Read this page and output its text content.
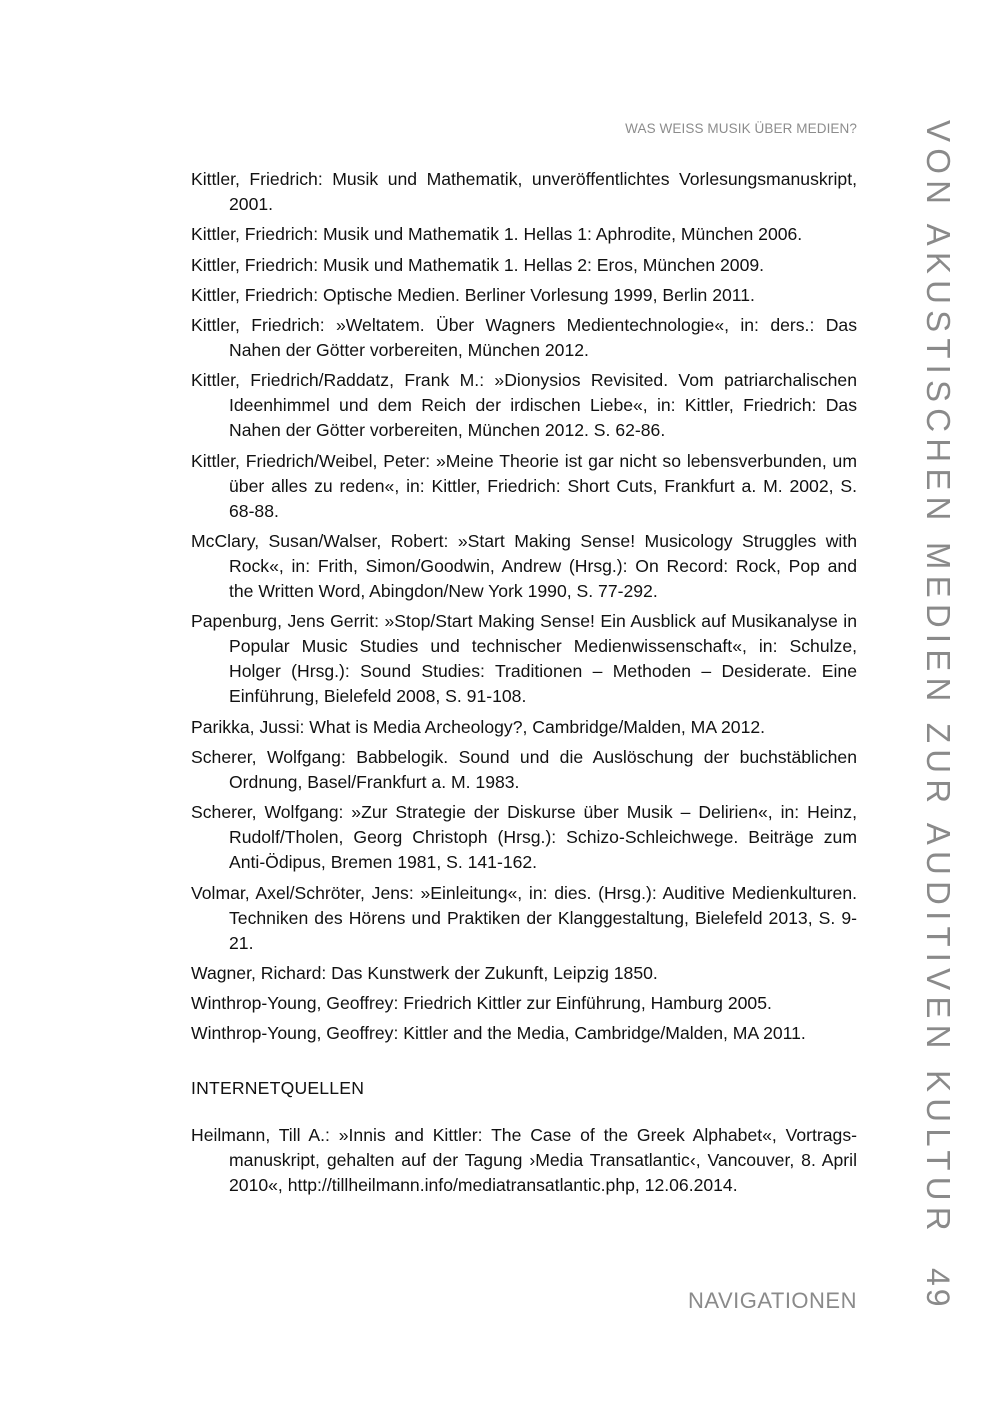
WAS WEISS MUSIK ÜBER MEDIEN?

Kittler, Friedrich: Musik und Mathematik, unveröffentlichtes Vorlesungsmanuskript, 2001.

Kittler, Friedrich: Musik und Mathematik 1. Hellas 1: Aphrodite, München 2006.

Kittler, Friedrich: Musik und Mathematik 1. Hellas 2: Eros, München 2009.

Kittler, Friedrich: Optische Medien. Berliner Vorlesung 1999, Berlin 2011.

Kittler, Friedrich: »Weltatem. Über Wagners Medientechnologie«, in: ders.: Das Nahen der Götter vorbereiten, München 2012.

Kittler, Friedrich/Raddatz, Frank M.: »Dionysios Revisited. Vom patriarchalischen Ideenhimmel und dem Reich der irdischen Liebe«, in: Kittler, Friedrich: Das Nahen der Götter vorbereiten, München 2012. S. 62-86.

Kittler, Friedrich/Weibel, Peter: »Meine Theorie ist gar nicht so lebensverbunden, um über alles zu reden«, in: Kittler, Friedrich: Short Cuts, Frankfurt a. M. 2002, S. 68-88.

McClary, Susan/Walser, Robert: »Start Making Sense! Musicology Struggles with Rock«, in: Frith, Simon/Goodwin, Andrew (Hrsg.): On Record: Rock, Pop and the Written Word, Abingdon/New York 1990, S. 77-292.

Papenburg, Jens Gerrit: »Stop/Start Making Sense! Ein Ausblick auf Musikanalyse in Popular Music Studies und technischer Medienwissenschaft«, in: Schulze, Holger (Hrsg.): Sound Studies: Traditionen – Methoden – Desiderate. Eine Einführung, Bielefeld 2008, S. 91-108.

Parikka, Jussi: What is Media Archeology?, Cambridge/Malden, MA 2012.

Scherer, Wolfgang: Babbelogik. Sound und die Auslöschung der buchstäblichen Ordnung, Basel/Frankfurt a. M. 1983.

Scherer, Wolfgang: »Zur Strategie der Diskurse über Musik – Delirien«, in: Heinz, Rudolf/Tholen, Georg Christoph (Hrsg.): Schizo-Schleichwege. Beiträge zum Anti-Ödipus, Bremen 1981, S. 141-162.

Volmar, Axel/Schröter, Jens: »Einleitung«, in: dies. (Hrsg.): Auditive Medienkulturen. Techniken des Hörens und Praktiken der Klanggestaltung, Bielefeld 2013, S. 9-21.

Wagner, Richard: Das Kunstwerk der Zukunft, Leipzig 1850.

Winthrop-Young, Geoffrey: Friedrich Kittler zur Einführung, Hamburg 2005.

Winthrop-Young, Geoffrey: Kittler and the Media, Cambridge/Malden, MA 2011.

INTERNETQUELLEN

Heilmann, Till A.: »Innis and Kittler: The Case of the Greek Alphabet«, Vortragsmanuskript, gehalten auf der Tagung ›Media Transatlantic‹, Vancouver, 8. April 2010«, http://tillheilmann.info/mediatransatlantic.php, 12.06.2014.	VON AKUSTISCHEN MEDIEN ZUR AUDITIVEN KULTUR
NAVIGATIONEN 49
